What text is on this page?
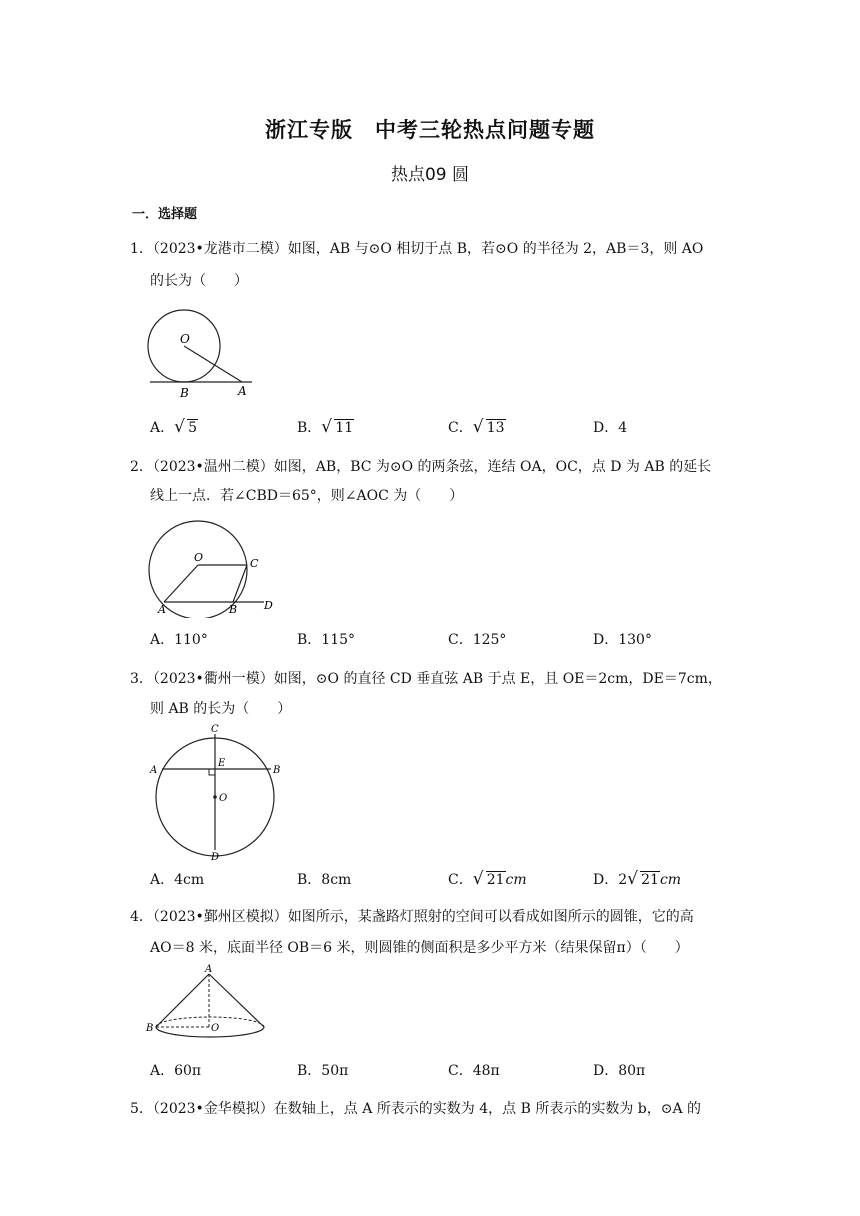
浙江专版　中考三轮热点问题专题
热点09 圆
一．选择题
1．（2023•龙港市二模）如图，AB 与⊙O 相切于点 B，若⊙O 的半径为 2，AB＝3，则 AO
的长为（　　）
O
B	A
A． √ 5	B． √ 11	C． √ 13	D．4
2．（2023•温州二模）如图，AB，BC 为⊙O 的两条弦，连结 OA，OC，点 D 为 AB 的延长
线上一点．若∠CBD＝65°，则∠AOC 为（　　）
O	C
A	B D
A．110°	B．115°	C．125°	D．130°
3．（2023•衢州一模）如图，⊙O 的直径 CD 垂直弦 AB 于点 E，且 OE＝2cm，DE＝7cm，
则 AB 的长为（　　）
C
A
E
B
O
D
A．4cm	B．8cm	C． √ 21cm	D．2 √ 21cm
4．（2023•鄞州区模拟）如图所示，某盏路灯照射的空间可以看成如图所示的圆锥，它的高
AO＝8 米，底面半径 OB＝6 米，则圆锥的侧面积是多少平方米（结果保留π）（　　）
A
B	O
A．60π	B．50π	C．48π	D．80π
5．（2023•金华模拟）在数轴上，点 A 所表示的实数为 4，点 B 所表示的实数为 b，⊙A 的
